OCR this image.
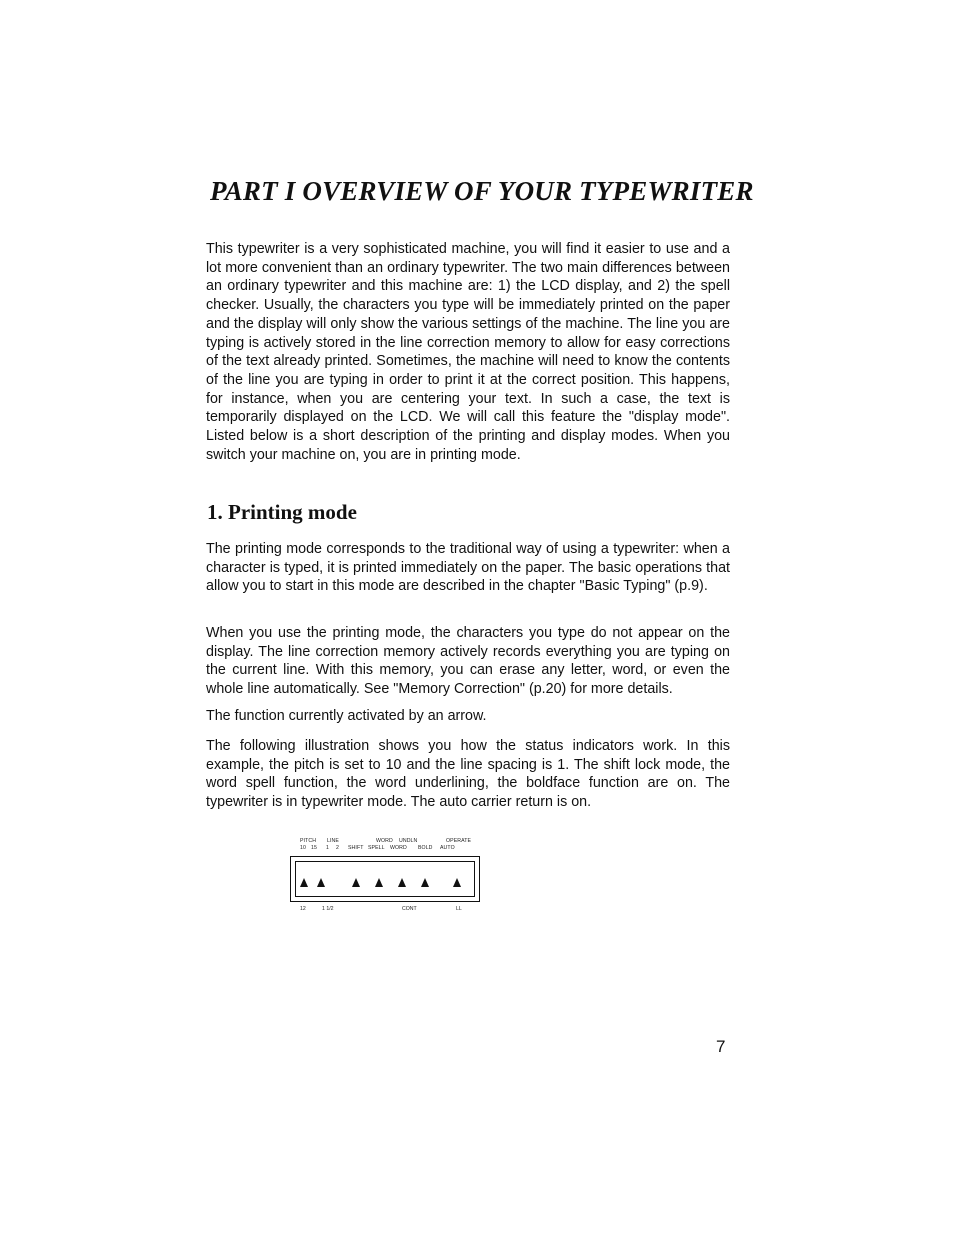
PART I OVERVIEW OF YOUR TYPEWRITER

This typewriter is a very sophisticated machine, you will find it easier to use and a lot more convenient than an ordinary typewriter. The two main differences between an ordinary typewriter and this machine are: 1) the LCD display, and 2) the spell checker. Usually, the characters you type will be immediately printed on the paper and the display will only show the various settings of the machine. The line you are typing is actively stored in the line correction memory to allow for easy corrections of the text already printed. Sometimes, the machine will need to know the contents of the line you are typing in order to print it at the correct position. This happens, for instance, when you are centering your text. In such a case, the text is temporarily displayed on the LCD. We will call this feature the "display mode". Listed below is a short description of the printing and display modes. When you switch your machine on, you are in printing mode.

1. Printing mode

The printing mode corresponds to the traditional way of using a typewriter: when a character is typed, it is printed immediately on the paper. The basic operations that allow you to start in this mode are described in the chapter "Basic Typing" (p.9).

When you use the printing mode, the characters you type do not appear on the display. The line correction memory actively records everything you are typing on the current line. With this memory, you can erase any letter, word, or even the whole line automatically. See "Memory Correction" (p.20) for more details.

The function currently activated by an arrow.

The following illustration shows you how the status indicators work. In this example, the pitch is set to 10 and the line spacing is 1. The shift lock mode, the word spell function, the word underlining, the boldface function are on. The typewriter is in typewriter mode. The auto carrier return is on.

PITCH LINE	WORD UNDLN	OPERATE
10 15 1 2 SHIFT SPELL WORD BOLD AUTO
12	1 1/2	CONT	LL
7
